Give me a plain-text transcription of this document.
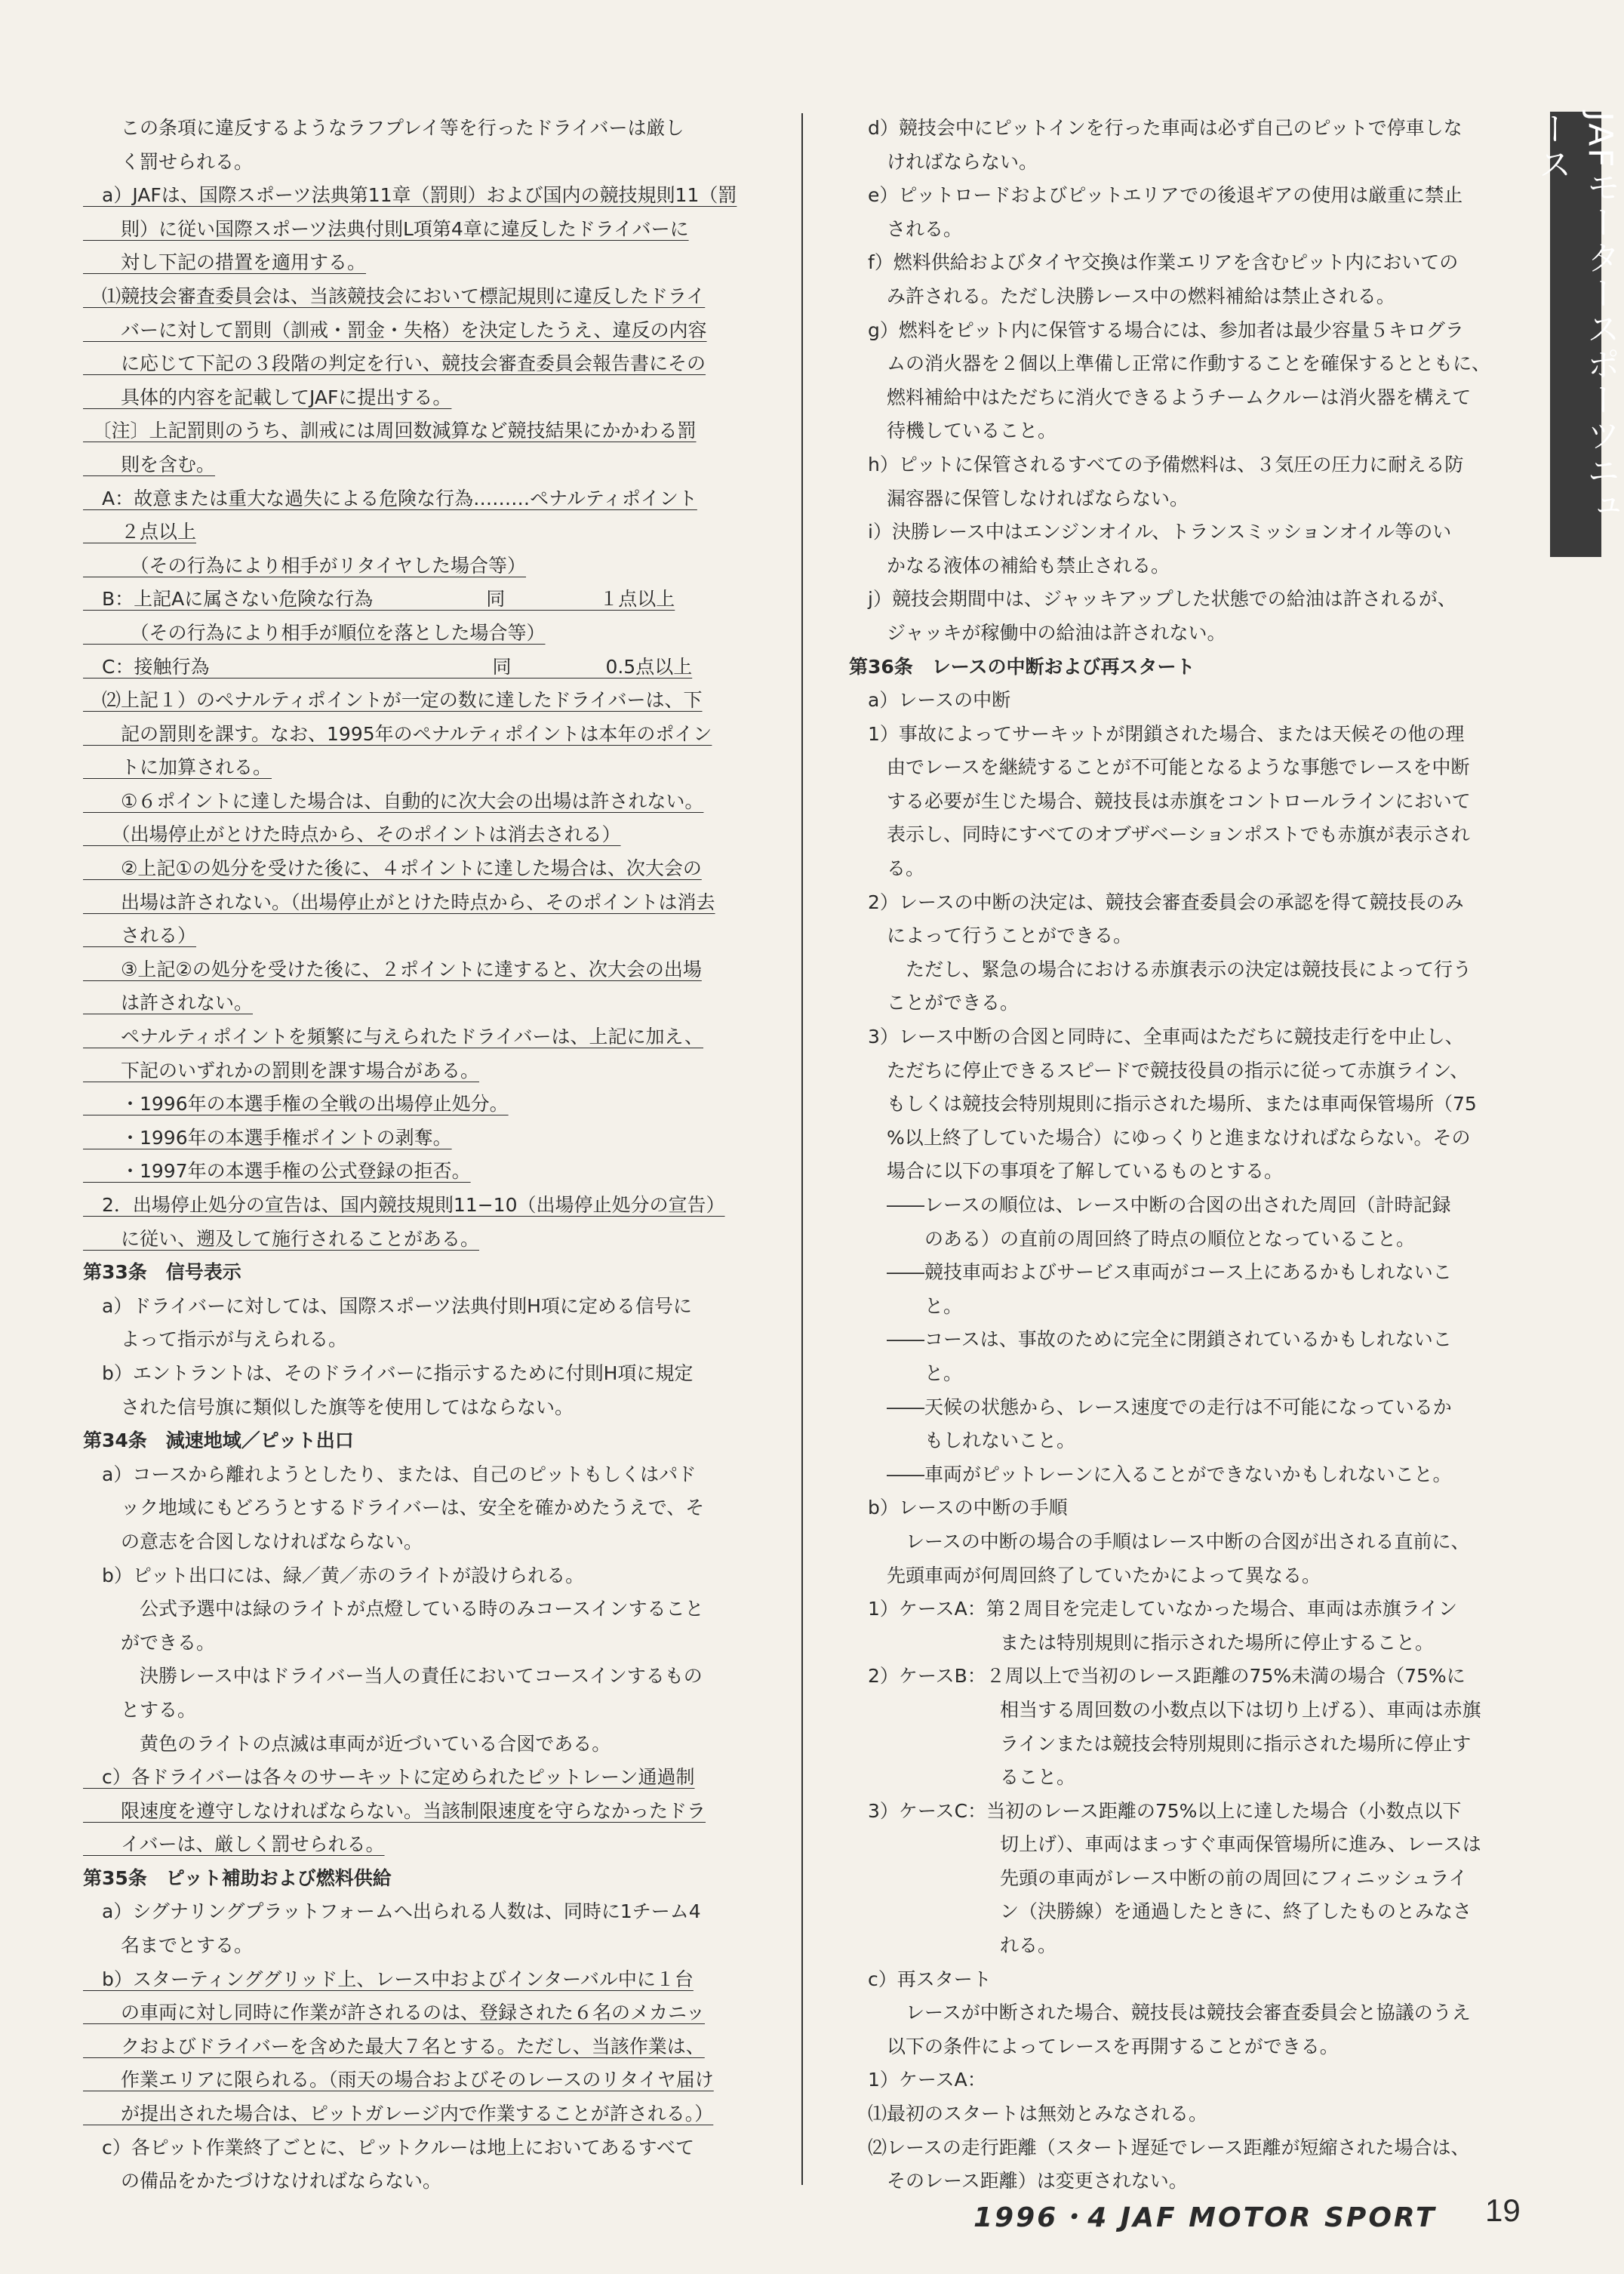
　　この条項に違反するようなラフプレイ等を行ったドライバーは厳し
　　く罰せられる。
　a）JAFは、国際スポーツ法典第11章（罰則）および国内の競技規則11（罰
　　則）に従い国際スポーツ法典付則L項第4章に違反したドライバーに
　　対し下記の措置を適用する。
　⑴競技会審査委員会は、当該競技会において標記規則に違反したドライ
　　バーに対して罰則（訓戒・罰金・失格）を決定したうえ、違反の内容
　　に応じて下記の３段階の判定を行い、競技会審査委員会報告書にその
　　具体的内容を記載してJAFに提出する。
　〔注〕上記罰則のうち、訓戒には周回数減算など競技結果にかかわる罰
　　則を含む。
　A：故意または重大な過失による危険な行為………ペナルティポイント
　　２点以上
　　　（その行為により相手がリタイヤした場合等）
　B：上記Aに属さない危険な行為　　　　　　同　　　　　１点以上
　　　（その行為により相手が順位を落とした場合等）
　C：接触行為　　　　　　　　　　　　　　　同　　　　　0.5点以上
　⑵上記１）のペナルティポイントが一定の数に達したドライバーは、下
　　記の罰則を課す。なお、1995年のペナルティポイントは本年のポイン
　　トに加算される。
　　①６ポイントに達した場合は、自動的に次大会の出場は許されない。
　　（出場停止がとけた時点から、そのポイントは消去される）
　　②上記①の処分を受けた後に、４ポイントに達した場合は、次大会の
　　出場は許されない。（出場停止がとけた時点から、そのポイントは消去
　　される）
　　③上記②の処分を受けた後に、２ポイントに達すると、次大会の出場
　　は許されない。
　　ペナルティポイントを頻繁に与えられたドライバーは、上記に加え、
　　下記のいずれかの罰則を課す場合がある。
　　・1996年の本選手権の全戦の出場停止処分。
　　・1996年の本選手権ポイントの剥奪。
　　・1997年の本選手権の公式登録の拒否。
　2．出場停止処分の宣告は、国内競技規則11−10（出場停止処分の宣告）
　　に従い、遡及して施行されることがある。
第33条　信号表示
　a）ドライバーに対しては、国際スポーツ法典付則H項に定める信号に
　　よって指示が与えられる。
　b）エントラントは、そのドライバーに指示するために付則H項に規定
　　された信号旗に類似した旗等を使用してはならない。
第34条　減速地域／ピット出口
　a）コースから離れようとしたり、または、自己のピットもしくはパド
　　ック地域にもどろうとするドライバーは、安全を確かめたうえで、そ
　　の意志を合図しなければならない。
　b）ピット出口には、緑／黄／赤のライトが設けられる。
　　　公式予選中は緑のライトが点燈している時のみコースインすること
　　ができる。
　　　決勝レース中はドライバー当人の責任においてコースインするもの
　　とする。
　　　黄色のライトの点滅は車両が近づいている合図である。
　c）各ドライバーは各々のサーキットに定められたピットレーン通過制
　　限速度を遵守しなければならない。当該制限速度を守らなかったドラ
　　イバーは、厳しく罰せられる。
第35条　ピット補助および燃料供給
　a）シグナリングプラットフォームへ出られる人数は、同時に1チーム4
　　名までとする。
　b）スターティンググリッド上、レース中およびインターバル中に１台
　　の車両に対し同時に作業が許されるのは、登録された６名のメカニッ
　　クおよびドライバーを含めた最大７名とする。ただし、当該作業は、
　　作業エリアに限られる。（雨天の場合およびそのレースのリタイヤ届け
　　が提出された場合は、ピットガレージ内で作業することが許される。）
　c）各ピット作業終了ごとに、ピットクルーは地上においてあるすべて
　　の備品をかたづけなければならない。
　d）競技会中にピットインを行った車両は必ず自己のピットで停車しな
　　ければならない。
　e）ピットロードおよびピットエリアでの後退ギアの使用は厳重に禁止
　　される。
　f）燃料供給およびタイヤ交換は作業エリアを含むピット内においての
　　み許される。ただし決勝レース中の燃料補給は禁止される。
　g）燃料をピット内に保管する場合には、参加者は最少容量５キログラ
　　ムの消火器を２個以上準備し正常に作動することを確保するとともに、
　　燃料補給中はただちに消火できるようチームクルーは消火器を構えて
　　待機していること。
　h）ピットに保管されるすべての予備燃料は、３気圧の圧力に耐える防
　　漏容器に保管しなければならない。
　i）決勝レース中はエンジンオイル、トランスミッションオイル等のい
　　かなる液体の補給も禁止される。
　j）競技会期間中は、ジャッキアップした状態での給油は許されるが、
　　ジャッキが稼働中の給油は許されない。
第36条　レースの中断および再スタート
　a）レースの中断
　1）事故によってサーキットが閉鎖された場合、または天候その他の理
　　由でレースを継続することが不可能となるような事態でレースを中断
　　する必要が生じた場合、競技長は赤旗をコントロールラインにおいて
　　表示し、同時にすべてのオブザベーションポストでも赤旗が表示され
　　る。
　2）レースの中断の決定は、競技会審査委員会の承認を得て競技長のみ
　　によって行うことができる。
　　　ただし、緊急の場合における赤旗表示の決定は競技長によって行う
　　ことができる。
　3）レース中断の合図と同時に、全車両はただちに競技走行を中止し、
　　ただちに停止できるスピードで競技役員の指示に従って赤旗ライン、
　　もしくは競技会特別規則に指示された場所、または車両保管場所（75
　　%以上終了していた場合）にゆっくりと進まなければならない。その
　　場合に以下の事項を了解しているものとする。
　　――レースの順位は、レース中断の合図の出された周回（計時記録
　　　　のある）の直前の周回終了時点の順位となっていること。
　　――競技車両およびサービス車両がコース上にあるかもしれないこ
　　　　と。
　　――コースは、事故のために完全に閉鎖されているかもしれないこ
　　　　と。
　　――天候の状態から、レース速度での走行は不可能になっているか
　　　　もしれないこと。
　　――車両がピットレーンに入ることができないかもしれないこと。
　b）レースの中断の手順
　　　レースの中断の場合の手順はレース中断の合図が出される直前に、
　　先頭車両が何周回終了していたかによって異なる。
　1）ケースA：第２周目を完走していなかった場合、車両は赤旗ライン
　　　　　　　　または特別規則に指示された場所に停止すること。
　2）ケースB：２周以上で当初のレース距離の75%未満の場合（75%に
　　　　　　　　相当する周回数の小数点以下は切り上げる）、車両は赤旗
　　　　　　　　ラインまたは競技会特別規則に指示された場所に停止す
　　　　　　　　ること。
　3）ケースC：当初のレース距離の75%以上に達した場合（小数点以下
　　　　　　　　切上げ）、車両はまっすぐ車両保管場所に進み、レースは
　　　　　　　　先頭の車両がレース中断の前の周回にフィニッシュライ
　　　　　　　　ン（決勝線）を通過したときに、終了したものとみなさ
　　　　　　　　れる。
　c）再スタート
　　　レースが中断された場合、競技長は競技会審査委員会と協議のうえ
　　以下の条件によってレースを再開することができる。
　1）ケースA：
　⑴最初のスタートは無効とみなされる。
　⑵レースの走行距離（スタート遅延でレース距離が短縮された場合は、
　　そのレース距離）は変更されない。
JAFモータースポーツニュース
1996・4 JAF MOTOR SPORT 19
